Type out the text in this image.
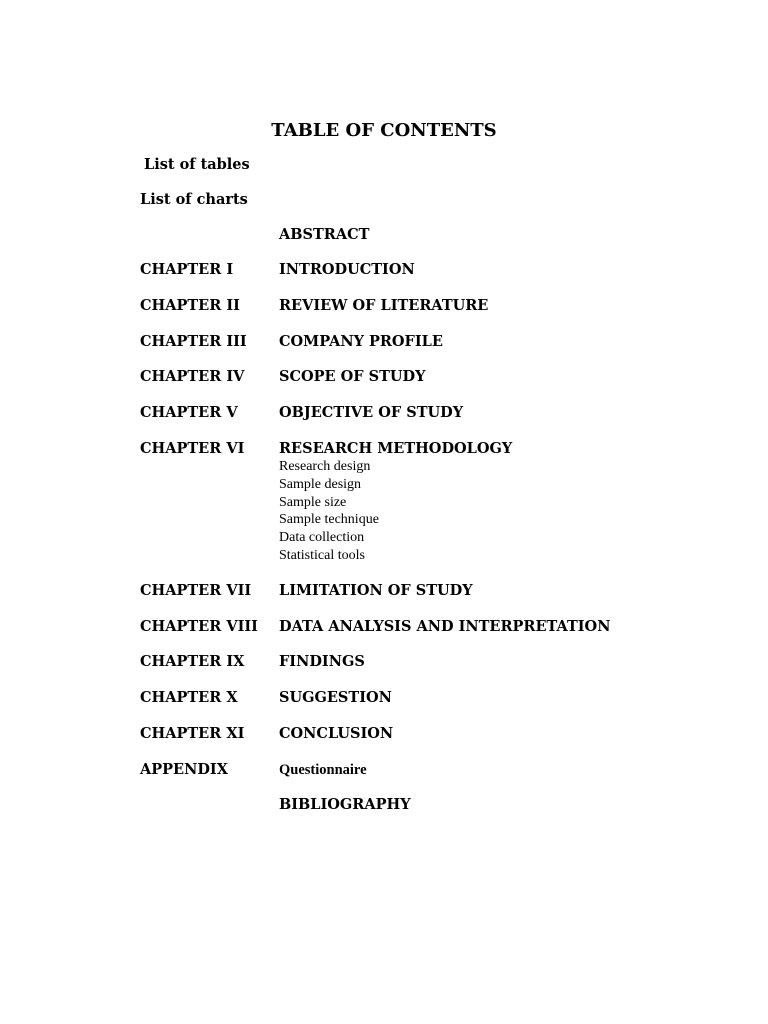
TABLE OF CONTENTS
List of tables
List of charts
ABSTRACT
CHAPTER I	INTRODUCTION
CHAPTER II	REVIEW OF LITERATURE
CHAPTER III COMPANY PROFILE
CHAPTER IV SCOPE OF STUDY
CHAPTER V	OBJECTIVE OF STUDY
CHAPTER VI RESEARCH METHODOLOGY
Research design
Sample design
Sample size
Sample technique
Data collection
Statistical tools
CHAPTER VII LIMITATION OF STUDY
CHAPTER VIII DATA ANALYSIS AND INTERPRETATION
CHAPTER IX FINDINGS
CHAPTER X	SUGGESTION
CHAPTER XI CONCLUSION
APPENDIX	Questionnaire
BIBLIOGRAPHY
